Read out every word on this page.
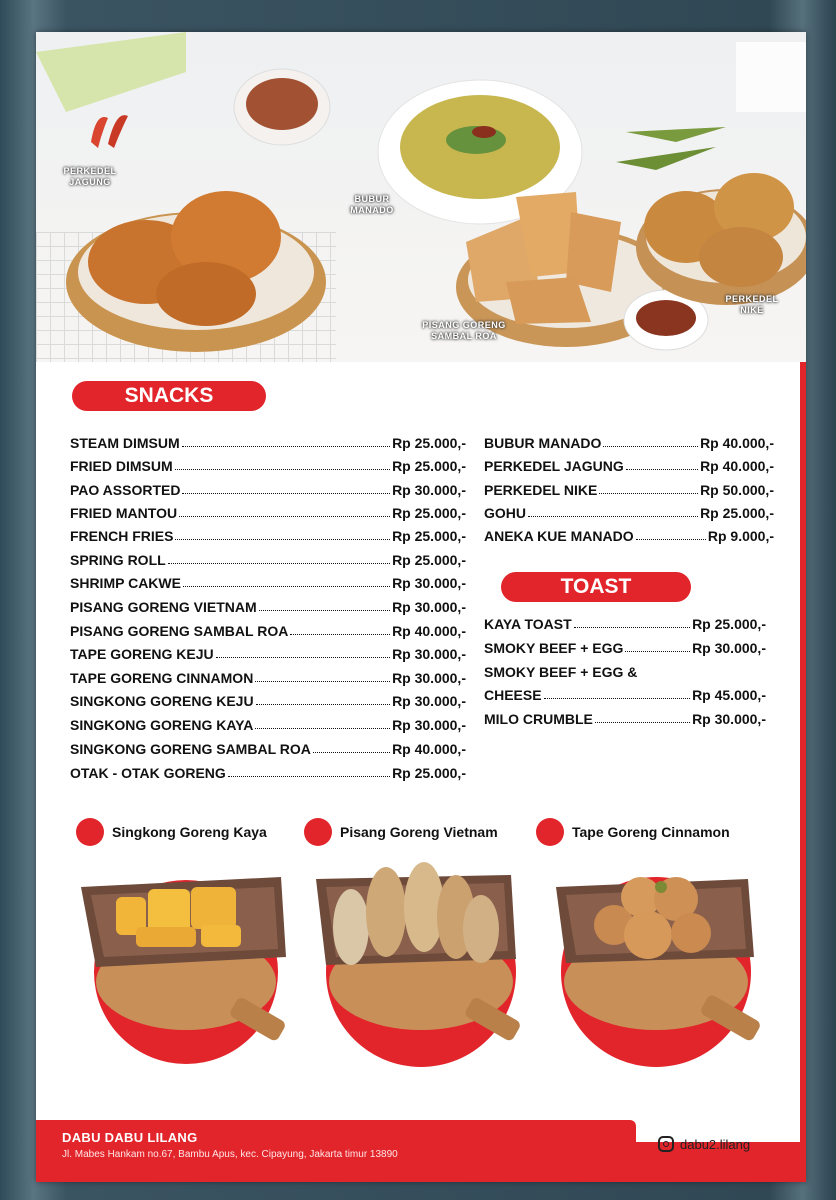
PERKEDEL JAGUNG
BUBUR MANADO
PISANG GORENG SAMBAL ROA
PERKEDEL NIKE
SNACKS
STEAM DIMSUM	Rp 25.000,-
FRIED DIMSUM	Rp 25.000,-
PAO ASSORTED	Rp 30.000,-
FRIED MANTOU	Rp 25.000,-
FRENCH FRIES	Rp 25.000,-
SPRING ROLL	Rp 25.000,-
SHRIMP CAKWE	Rp 30.000,-
PISANG GORENG VIETNAM	Rp 30.000,-
PISANG GORENG SAMBAL ROA	Rp 40.000,-
TAPE GORENG KEJU	Rp 30.000,-
TAPE GORENG CINNAMON	Rp 30.000,-
SINGKONG GORENG KEJU	Rp 30.000,-
SINGKONG GORENG KAYA	Rp 30.000,-
SINGKONG GORENG SAMBAL ROA	Rp 40.000,-
OTAK - OTAK GORENG	Rp 25.000,-
BUBUR MANADO	Rp 40.000,-
PERKEDEL JAGUNG	Rp 40.000,-
PERKEDEL NIKE	Rp 50.000,-
GOHU	Rp 25.000,-
ANEKA KUE MANADO	Rp 9.000,-
TOAST
KAYA TOAST	Rp 25.000,-
SMOKY BEEF + EGG	Rp 30.000,-
SMOKY BEEF + EGG &
CHEESE	Rp 45.000,-
MILO CRUMBLE	Rp 30.000,-
Singkong Goreng Kaya	Pisang Goreng Vietnam	Tape Goreng Cinnamon
DABU DABU LILANG
Jl. Mabes Hankam no.67, Bambu Apus, kec. Cipayung, Jakarta timur 13890
dabu2.lilang
